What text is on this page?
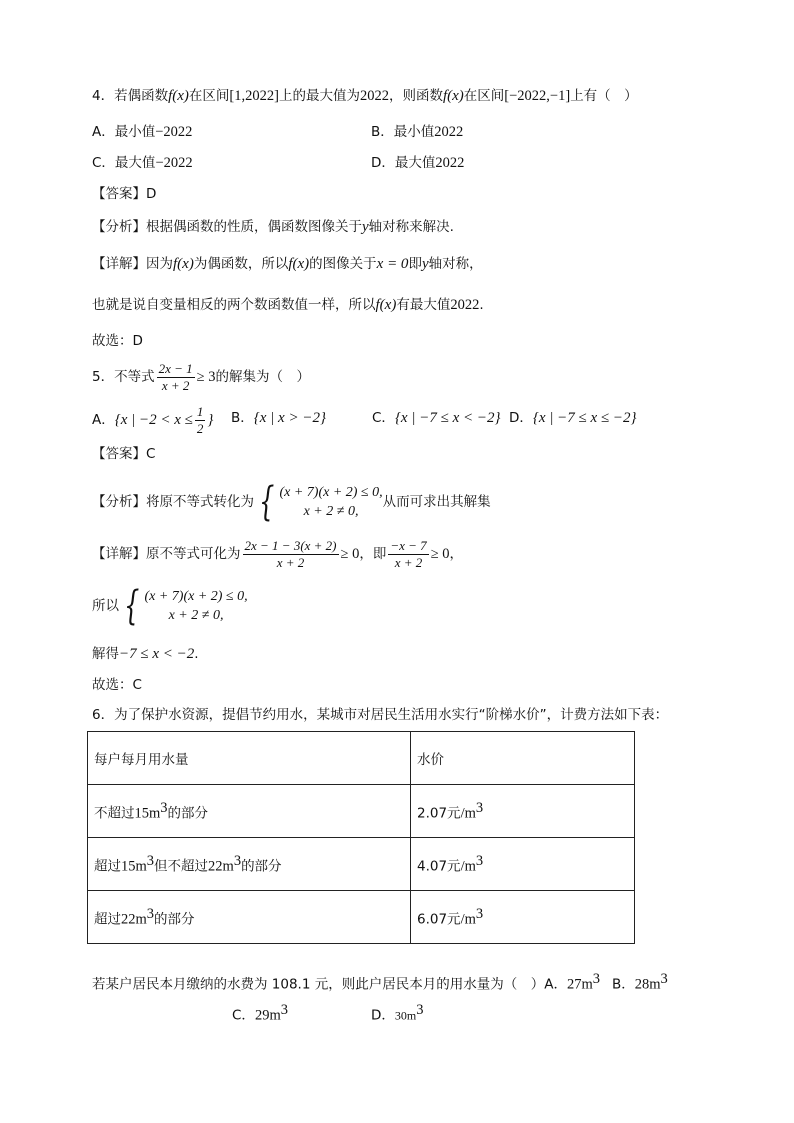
4．若偶函数f(x)在区间[1,2022]上的最大值为2022，则函数f(x)在区间[−2022,−1]上有（　）
A．最小值−2022	B．最小值2022
C．最大值−2022	D．最大值2022
【答案】D
【分析】根据偶函数的性质，偶函数图像关于y轴对称来解决.
【详解】因为f(x)为偶函数，所以f(x)的图像关于x = 0即y轴对称，
也就是说自变量相反的两个数函数值一样，所以f(x)有最大值2022.
故选：D
5．不等式 $\frac{2x - 1}{x + 2} \ge 3$的解集为（　）
A．{x | $-2 < x \le \frac{1}{2}$ } B．{x | x > −2}	C．{x | −7 ≤ x < −2} D．{x | −7 ≤ x ≤ −2}
【答案】C
【分析】将原不等式转化为 { (x + 7)(x + 2) ≤ 0,
x + 2 ≠ 0,
从而可求出其解集
【详解】原不等式可化为 $\frac{2x - 1 - 3(x + 2)}{x + 2} \ge 0$，即 $\frac{-x - 7}{x + 2} \ge 0$，
所以 { (x + 7)(x + 2) ≤ 0,
x + 2 ≠ 0,
解得−7 ≤ x < −2.
故选：C
6．为了保护水资源，提倡节约用水，某城市对居民生活用水实行“阶梯水价”，计费方法如下表：
每户每月用水量	水价
不超过$15m^3$的部分	2.07元$/m^3$
超过$15m^3$但不超过$22m^3$的部分	4.07元$/m^3$
超过$22m^3$的部分	6.07元$/m^3$
若某户居民本月缴纳的水费为 108.1 元，则此户居民本月的用水量为（　）A．$27m^3$ B．$28m^3$
C．$29m^3$	D．$30m^3$
